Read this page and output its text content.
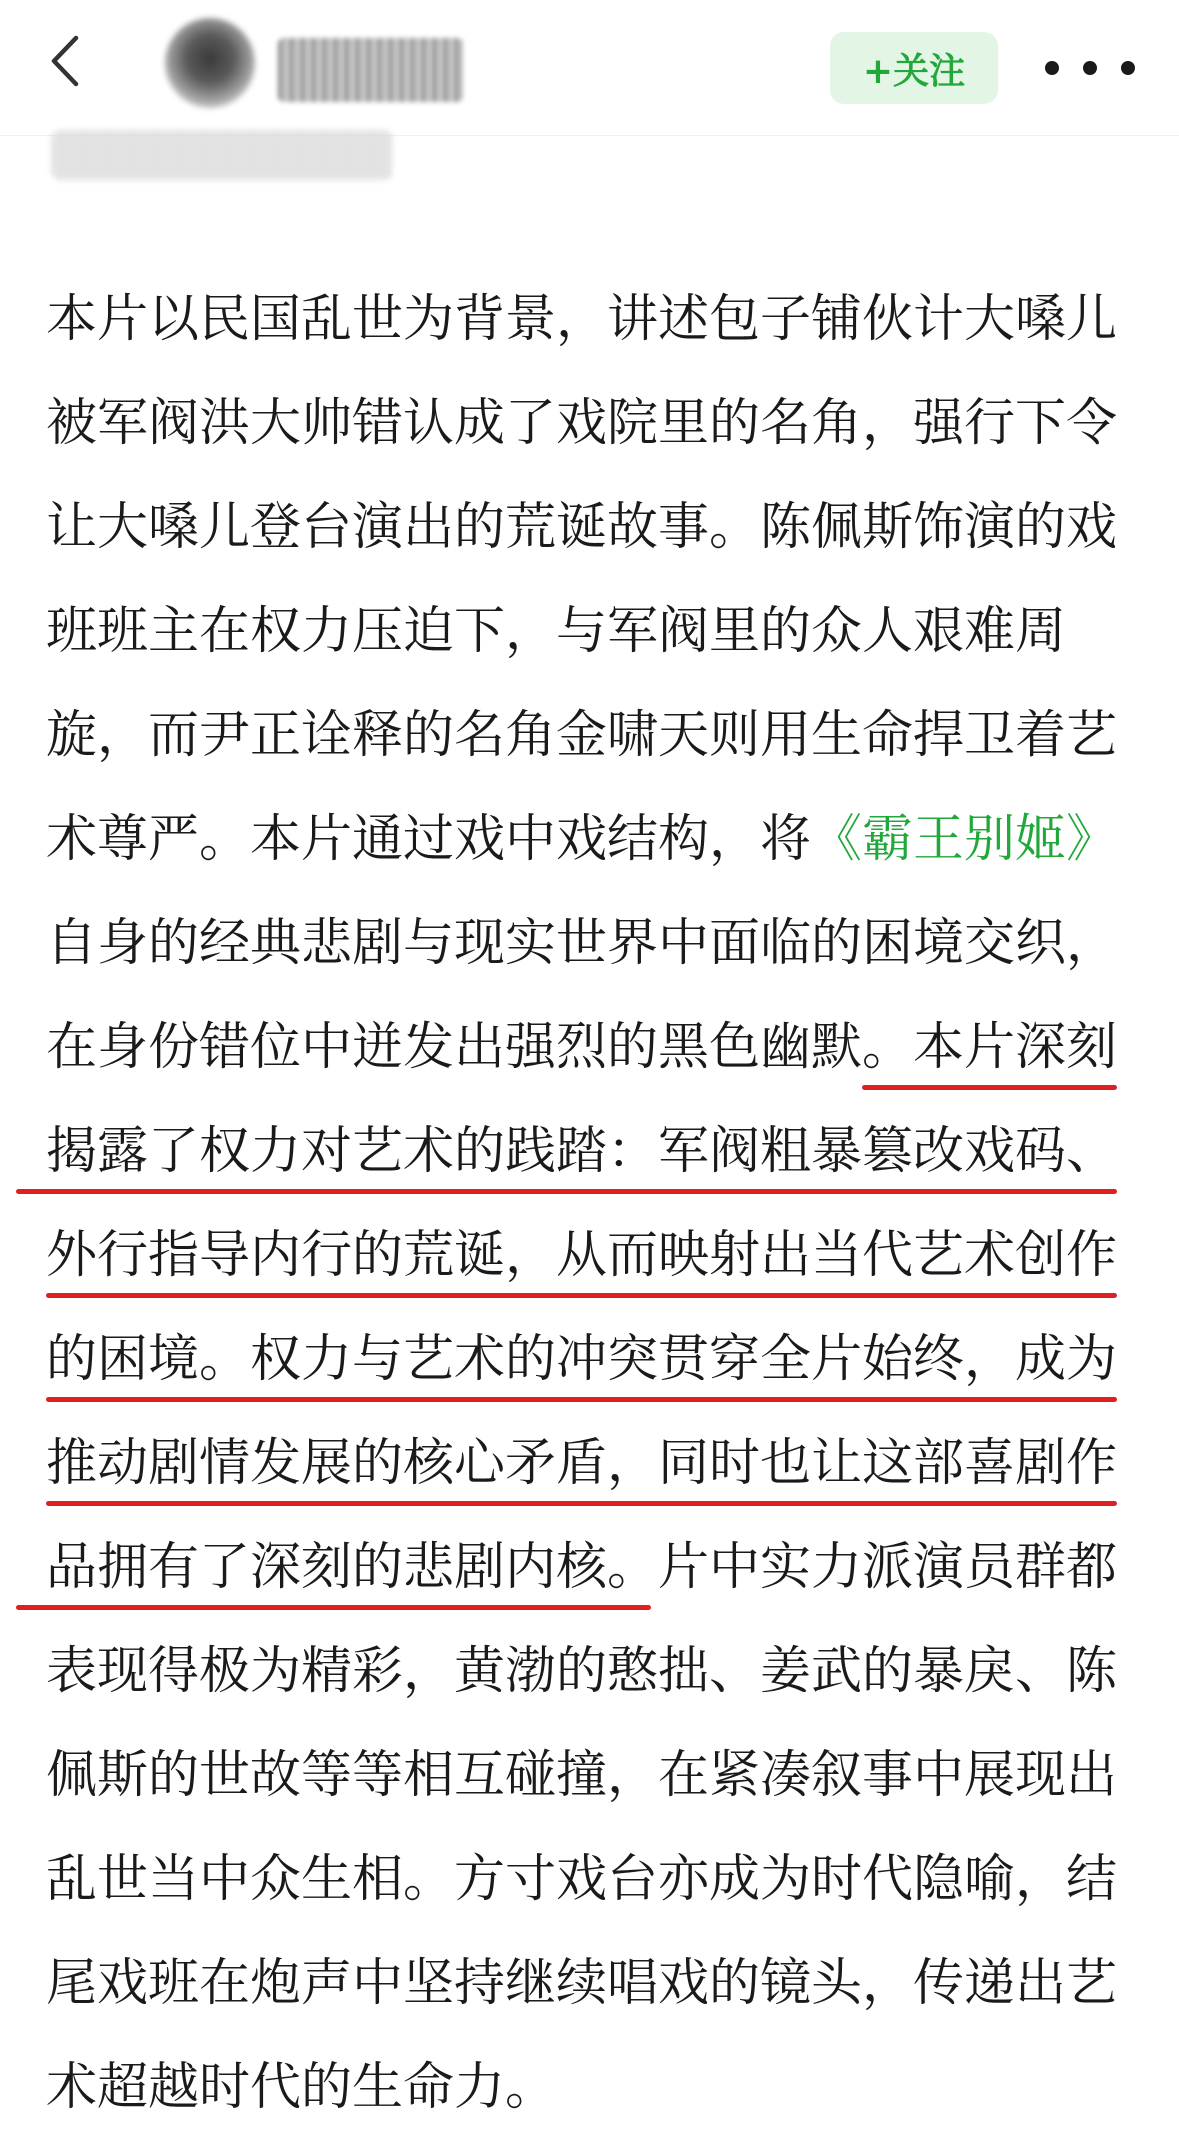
+关注
本片以民国乱世为背景，讲述包子铺伙计大嗓儿
被军阀洪大帅错认成了戏院里的名角，强行下令
让大嗓儿登台演出的荒诞故事。陈佩斯饰演的戏
班班主在权力压迫下，与军阀里的众人艰难周
旋，而尹正诠释的名角金啸天则用生命捍卫着艺
术尊严。本片通过戏中戏结构，将《霸王别姬》
自身的经典悲剧与现实世界中面临的困境交织，
在身份错位中迸发出强烈的黑色幽默。本片深刻
揭露了权力对艺术的践踏：军阀粗暴篡改戏码、
外行指导内行的荒诞，从而映射出当代艺术创作
的困境。权力与艺术的冲突贯穿全片始终，成为
推动剧情发展的核心矛盾，同时也让这部喜剧作
品拥有了深刻的悲剧内核。片中实力派演员群都
表现得极为精彩，黄渤的憨拙、姜武的暴戾、陈
佩斯的世故等等相互碰撞，在紧凑叙事中展现出
乱世当中众生相。方寸戏台亦成为时代隐喻，结
尾戏班在炮声中坚持继续唱戏的镜头，传递出艺
术超越时代的生命力。
